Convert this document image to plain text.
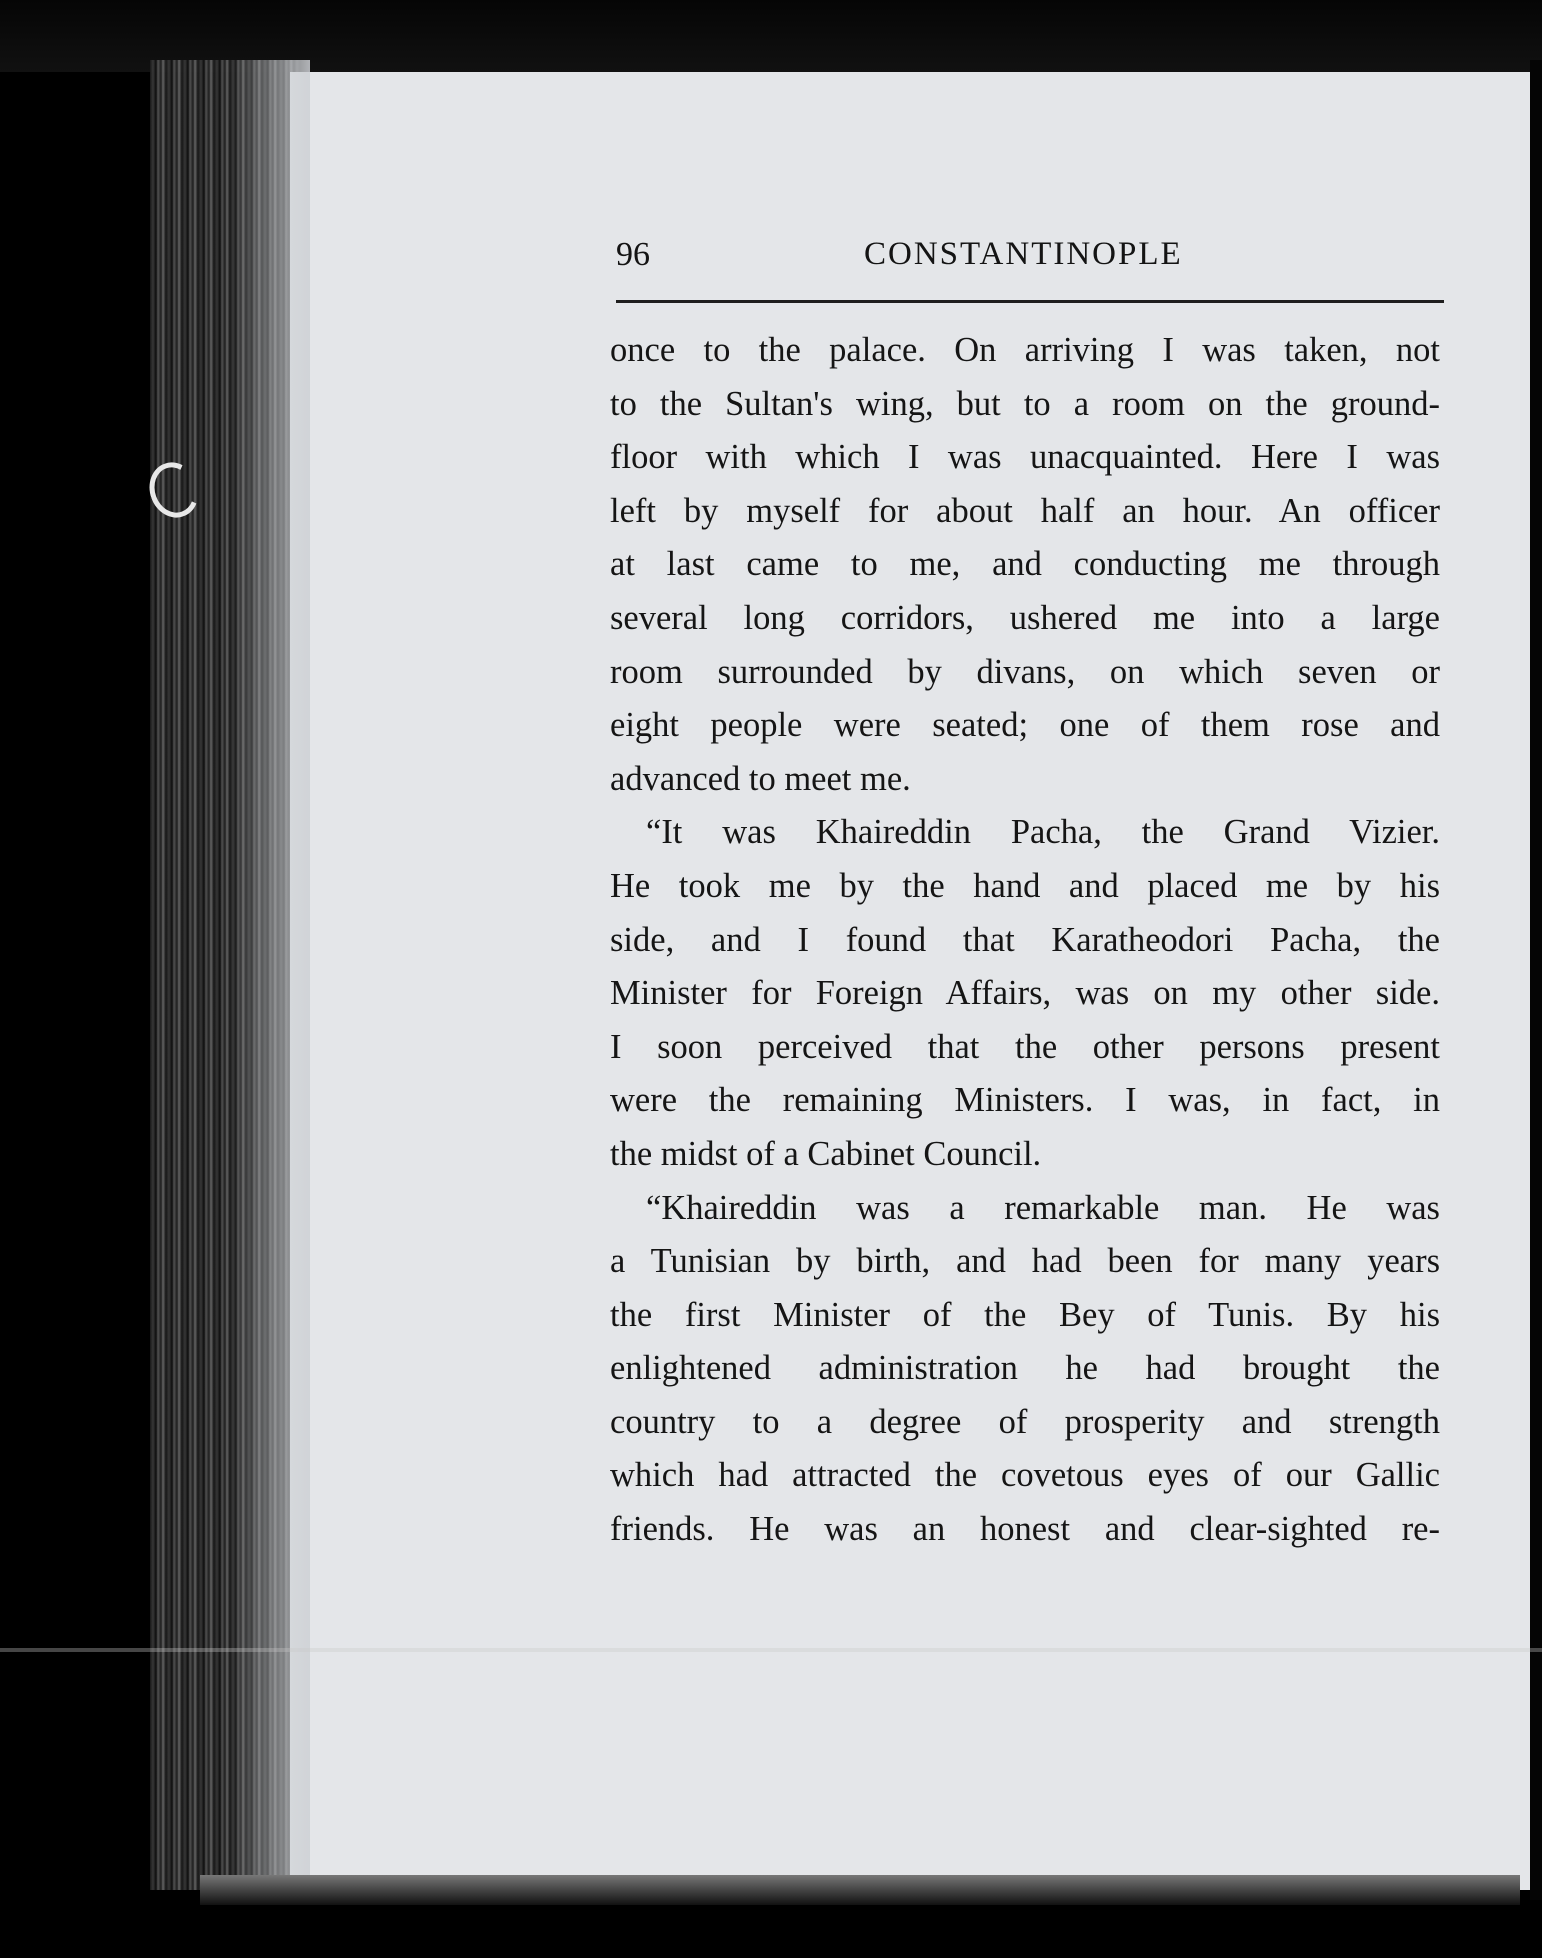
96	CONSTANTINOPLE
once to the palace. On arriving I was taken, not
to the Sultan's wing, but to a room on the ground-
floor with which I was unacquainted. Here I was
left by myself for about half an hour. An officer
at last came to me, and conducting me through
several long corridors, ushered me into a large
room surrounded by divans, on which seven or
eight people were seated; one of them rose and
advanced to meet me.
“It was Khaireddin Pacha, the Grand Vizier.
He took me by the hand and placed me by his
side, and I found that Karatheodori Pacha, the
Minister for Foreign Affairs, was on my other side.
I soon perceived that the other persons present
were the remaining Ministers. I was, in fact, in
the midst of a Cabinet Council.
“Khaireddin was a remarkable man. He was
a Tunisian by birth, and had been for many years
the first Minister of the Bey of Tunis. By his
enlightened administration he had brought the
country to a degree of prosperity and strength
which had attracted the covetous eyes of our Gallic
friends. He was an honest and clear-sighted re-
